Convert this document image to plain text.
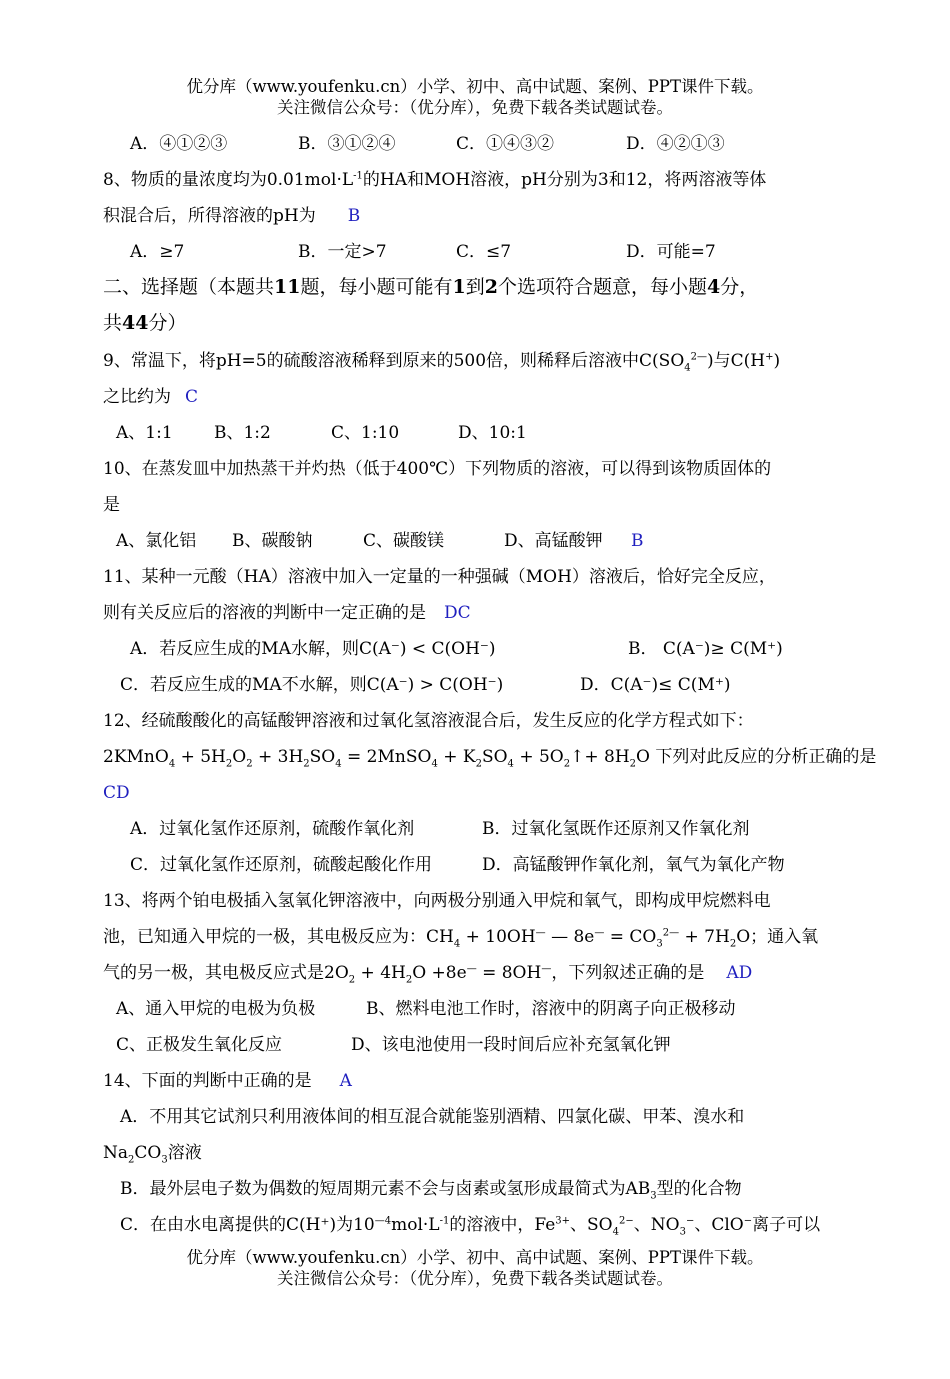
优分库（www.youfenku.cn）小学、初中、高中试题、案例、PPT课件下载。
关注微信公众号：（优分库），免费下载各类试题试卷。
A．④①②③	B．③①②④	C．①④③②	D．④②①③
8、物质的量浓度均为$0.01mol\cdot L^{-1}$的HA和MOH溶液，pH分别为3和12，将两溶液等体
积混合后，所得溶液的pH为 B
A．≥7	B．一定>7	C．≤7	D．可能=7
二、选择题（本题共11题，每小题可能有1到2个选项符合题意，每小题4分，
共44分）
9、常温下，将pH=5的硫酸溶液稀释到原来的500倍，则稀释后溶液中$C(SO_4^{2—})$与C(H+)
之比约为 C
A、1:1 B、1:2	C、1:10	D、10:1
10、在蒸发皿中加热蒸干并灼热（低于400℃）下列物质的溶液，可以得到该物质固体的
是
A、氯化铝 B、碳酸钠	C、碳酸镁	D、高锰酸钾 B
11、某种一元酸（HA）溶液中加入一定量的一种强碱（MOH）溶液后，恰好完全反应，
则有关反应后的溶液的判断中一定正确的是 DC
A．若反应生成的MA水解，则C(A⁻) < C(OH⁻)	B． C(A⁻)≥ C(M⁺)
C．若反应生成的MA不水解，则C(A⁻) > C(OH⁻)	D．C(A⁻)≤ C(M⁺)
12、经硫酸酸化的高锰酸钾溶液和过氧化氢溶液混合后，发生反应的化学方程式如下：
2KMnO$_4$ + $5H_2O_2 + 3H_2SO_4$ = 2MnSO$_4$ + $K_2SO_4$ + $5O_2↑+ 8H_2O$ 下列对此反应的分析正确的是
CD
A．过氧化氢作还原剂，硫酸作氧化剂	B．过氧化氢既作还原剂又作氧化剂
C．过氧化氢作还原剂，硫酸起酸化作用	D．高锰酸钾作氧化剂，氧气为氧化产物
13、将两个铂电极插入氢氧化钾溶液中，向两极分别通入甲烷和氧气，即构成甲烷燃料电
池，已知通入甲烷的一极，其电极反应为：$CH_4 + 10OH^—$ — $8e^— = CO_3^{2—} + 7H_2O$；通入氧
气的另一极，其电极反应式是$2O_2 + 4H_2O +8e^— = 8OH^—$，下列叙述正确的是 AD
A、通入甲烷的电极为负极	B、燃料电池工作时，溶液中的阴离子向正极移动
C、正极发生氧化反应	D、该电池使用一段时间后应补充氢氧化钾
14、下面的判断中正确的是 A
A．不用其它试剂只利用液体间的相互混合就能鉴别酒精、四氯化碳、甲苯、溴水和
$Na_2CO_3$溶液
B．最外层电子数为偶数的短周期元素不会与卤素或氢形成最简式为$AB_3$型的化合物
C．在由水电离提供的C(H⁺)为$10^{—4}mol\cdot L^{-1}$的溶液中，$Fe^{3+}$、$SO_4^{2-}$、$NO_3^-$、ClO−离子可以
优分库（www.youfenku.cn）小学、初中、高中试题、案例、PPT课件下载。
关注微信公众号：（优分库），免费下载各类试题试卷。
